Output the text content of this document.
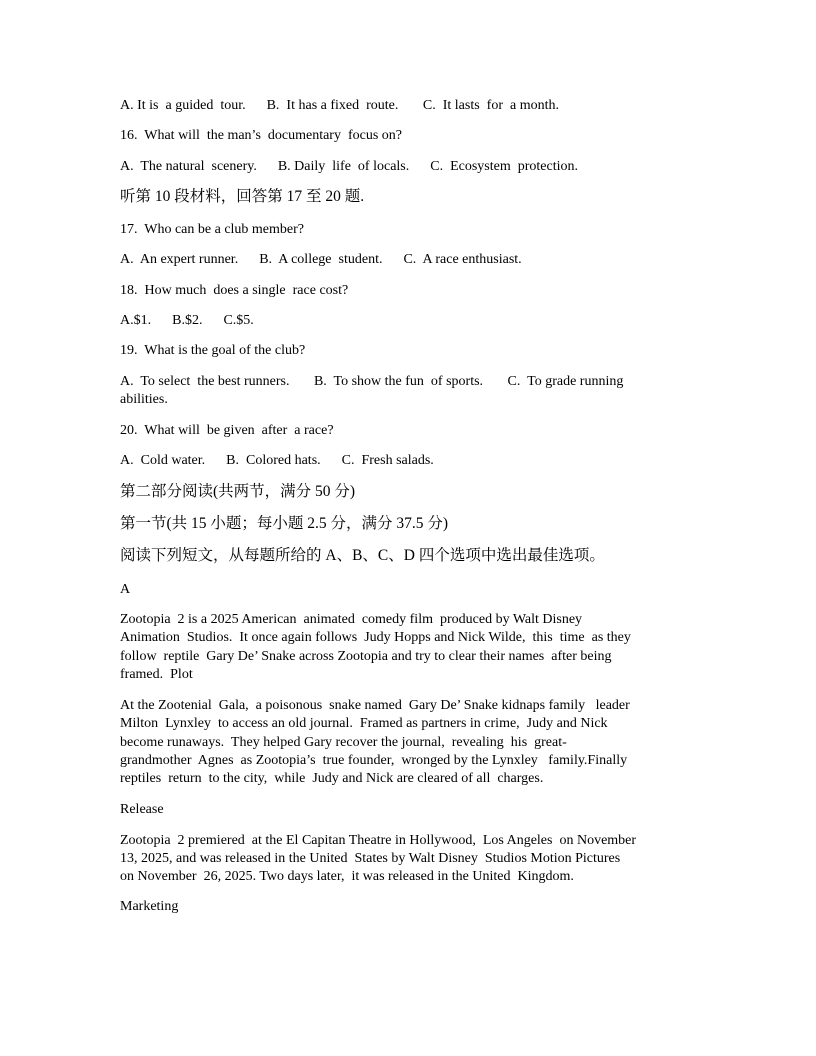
A. It is  a guided  tour.      B.  It has a fixed  route.       C.  It lasts  for  a month.
16.  What will  the man’s  documentary  focus on?
A.  The natural  scenery.      B. Daily  life  of locals.      C.  Ecosystem  protection.
听第 10 段材料，回答第 17 至 20 题.
17.  Who can be a club member?
A.  An expert runner.      B.  A college  student.      C.  A race enthusiast.
18.  How much  does a single  race cost?
A.$1.      B.$2.      C.$5.
19.  What is the goal of the club?
A.  To select  the best runners.       B.  To show the fun  of sports.       C.  To grade running
abilities.
20.  What will  be given  after  a race?
A.  Cold water.      B.  Colored hats.      C.  Fresh salads.
第二部分阅读(共两节，满分 50 分)
第一节(共 15 小题；每小题 2.5 分，满分 37.5 分)
阅读下列短文，从每题所给的 A、B、C、D 四个选项中选出最佳选项。
A
Zootopia  2 is a 2025 American  animated  comedy film  produced by Walt Disney
Animation  Studios.  It once again follows  Judy Hopps and Nick Wilde,  this  time  as they
follow  reptile  Gary De’ Snake across Zootopia and try to clear their names  after being
framed.  Plot
At the Zootenial  Gala,  a poisonous  snake named  Gary De’ Snake kidnaps family   leader
Milton  Lynxley  to access an old journal.  Framed as partners in crime,  Judy and Nick
become runaways.  They helped Gary recover the journal,  revealing  his  great-
grandmother  Agnes  as Zootopia’s  true founder,  wronged by the Lynxley   family.Finally
reptiles  return  to the city,  while  Judy and Nick are cleared of all  charges.
Release
Zootopia  2 premiered  at the El Capitan Theatre in Hollywood,  Los Angeles  on November
13, 2025, and was released in the United  States by Walt Disney  Studios Motion Pictures
on November  26, 2025. Two days later,  it was released in the United  Kingdom.
Marketing
